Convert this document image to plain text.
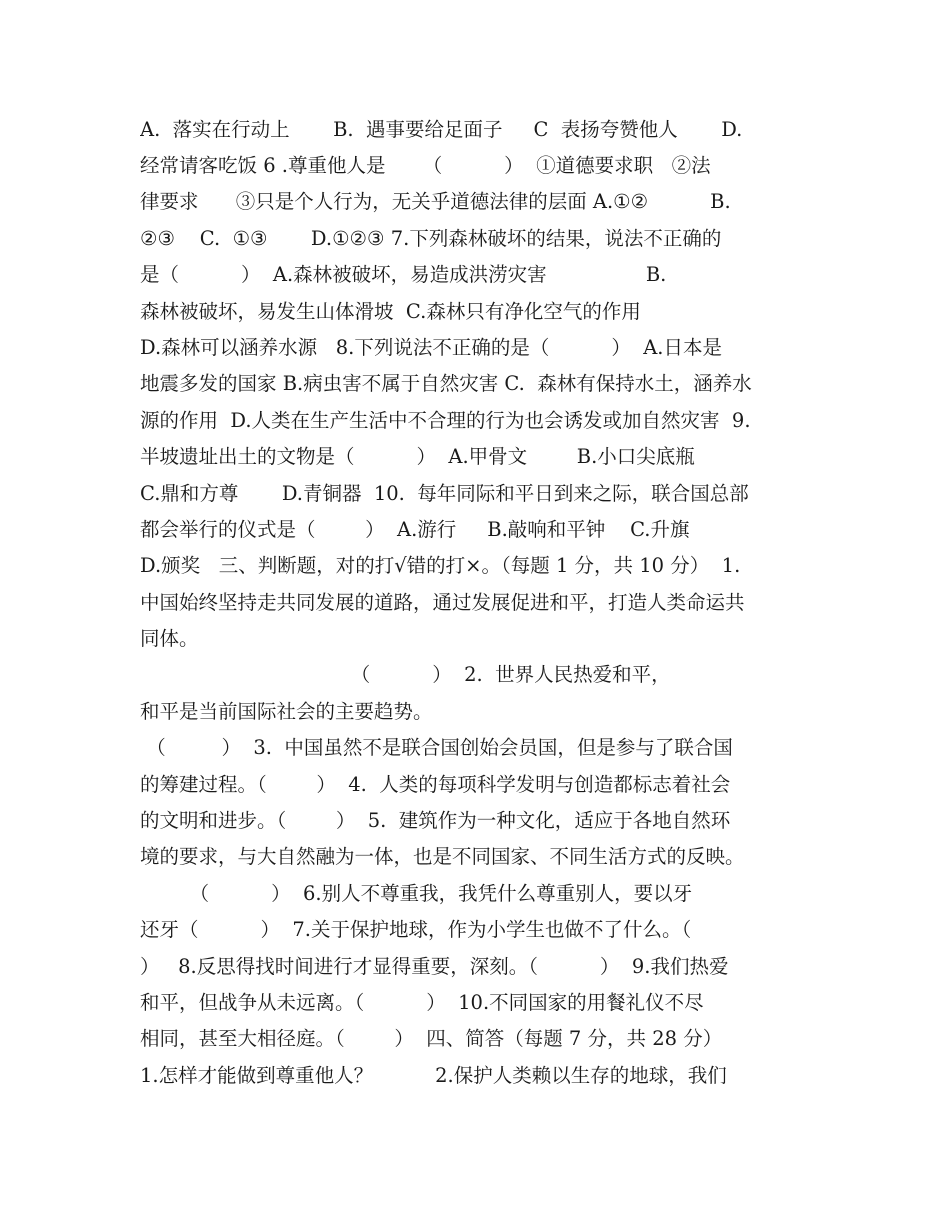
A.  落实在行动上       B.  遇事要给足面子     C  表扬夸赞他人       D.
经常请客吃饭 6 .尊重他人是      （          ）  ①道德要求职   ②法
律要求      ③只是个人行为，无关乎道德法律的层面 A.①②          B.
②③    C.  ①③       D.①②③ 7.下列森林破坏的结果，说法不正确的
是（          ）  A.森林被破坏，易造成洪涝灾害                B.
森林被破坏，易发生山体滑坡  C.森林只有净化空气的作用
D.森林可以涵养水源   8.下列说法不正确的是（          ）  A.日本是
地震多发的国家 B.病虫害不属于自然灾害 C.  森林有保持水土，涵养水
源的作用  D.人类在生产生活中不合理的行为也会诱发或加自然灾害  9.
半坡遗址出土的文物是（          ）  A.甲骨文        B.小口尖底瓶
C.鼎和方尊       D.青铜器  10.  每年同际和平日到来之际，联合国总部
都会举行的仪式是（        ）  A.游行     B.敲响和平钟    C.升旗
D.颁奖   三、判断题，对的打√错的打×。（每题 1 分，共 10 分）  1.
中国始终坚持走共同发展的道路，通过发展促进和平，打造人类命运共
同体。
（          ）  2.  世界人民热爱和平，
和平是当前国际社会的主要趋势。
（         ）  3.  中国虽然不是联合国创始会员国，但是参与了联合国
的筹建过程。（        ）  4.  人类的每项科学发明与创造都标志着社会
的文明和进步。（        ）  5.  建筑作为一种文化，适应于各地自然环
境的要求，与大自然融为一体，也是不同国家、不同生活方式的反映。
（          ）  6.别人不尊重我，我凭什么尊重别人，要以牙
还牙（          ）  7.关于保护地球，作为小学生也做不了什么。（
）   8.反思得找时间进行才显得重要，深刻。（          ）  9.我们热爱
和平，但战争从未远离。（          ）  10.不同国家的用餐礼仪不尽
相同，甚至大相径庭。（        ）  四、简答（每题 7 分，共 28 分）
1.怎样才能做到尊重他人？          2.保护人类赖以生存的地球，我们
